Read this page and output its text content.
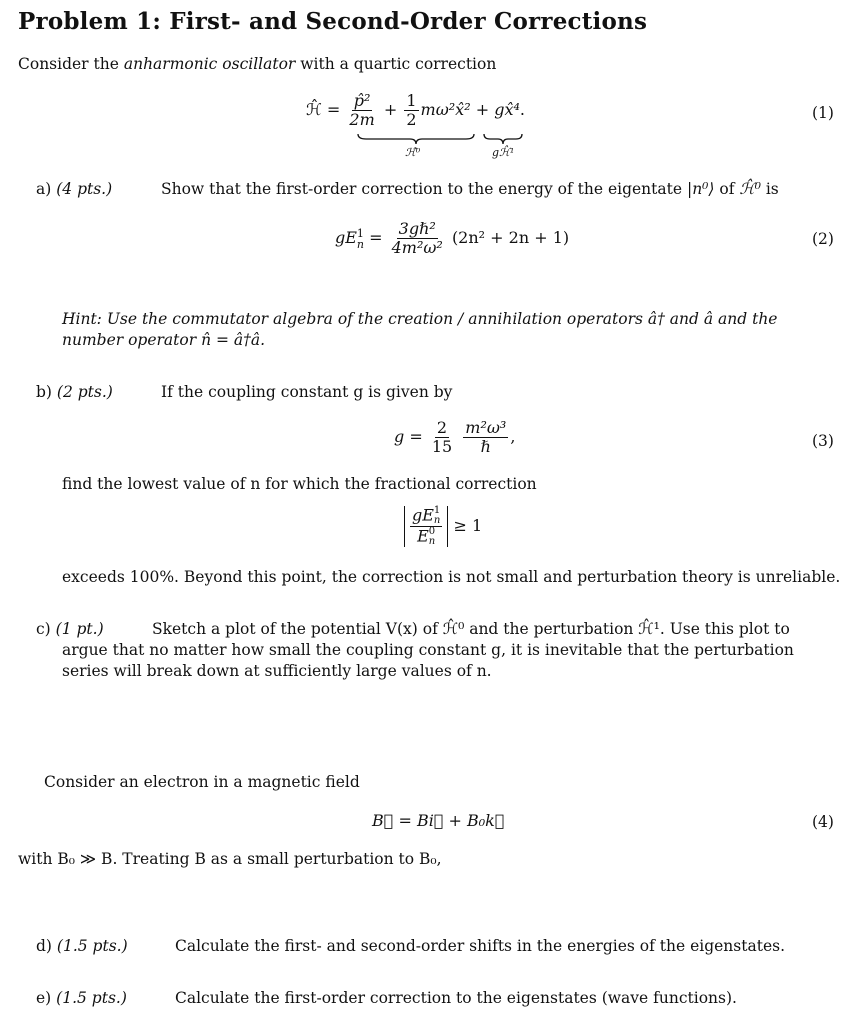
Problem 1: First- and Second-Order Corrections
Consider the anharmonic oscillator with a quartic correction
ℋ̂ = $\frac{\text{p̂²}}{2m} + \frac{1}{2}$ mω²x̂² + gx̂⁴.
ℋ̂⁰	gℋ̂¹
(1)
a) (4 pts.)	Show that the first-order correction to the energy of the eigentate |n⁰⟩ of ℋ̂⁰ is
gE 1
$n = \frac{\text{3gℏ²}}{\text{4m²ω²}} (2n^2 + 2n + 1)$	(2)
Hint: Use the commutator algebra of the creation / annihilation operators â† and â and the number operator n̂ = â†â.
b) (2 pts.)	If the coupling constant g is given by
$g = \frac{2}{15}$
$\frac{\text{m²ω³}}{\text{ℏ}}$ ,	(3)
find the lowest value of n for which the fractional correction
gE 1
n
E 0
n ≥ 1
exceeds 100%. Beyond this point, the correction is not small and perturbation theory is unreliable.
c) (1 pt.)	Sketch a plot of the potential V(x) of ℋ̂⁰ and the perturbation ℋ̂¹. Use this plot to argue that no matter how small the coupling constant g, it is inevitable that the perturbation series will break down at sufficiently large values of n.
Consider an electron in a magnetic field
B⃗ = Bi⃗ + B₀k⃗	(4)
with B₀ ≫ B. Treating B as a small perturbation to B₀,
d) (1.5 pts.)	Calculate the first- and second-order shifts in the energies of the eigenstates.
e) (1.5 pts.)	Calculate the first-order correction to the eigenstates (wave functions).
